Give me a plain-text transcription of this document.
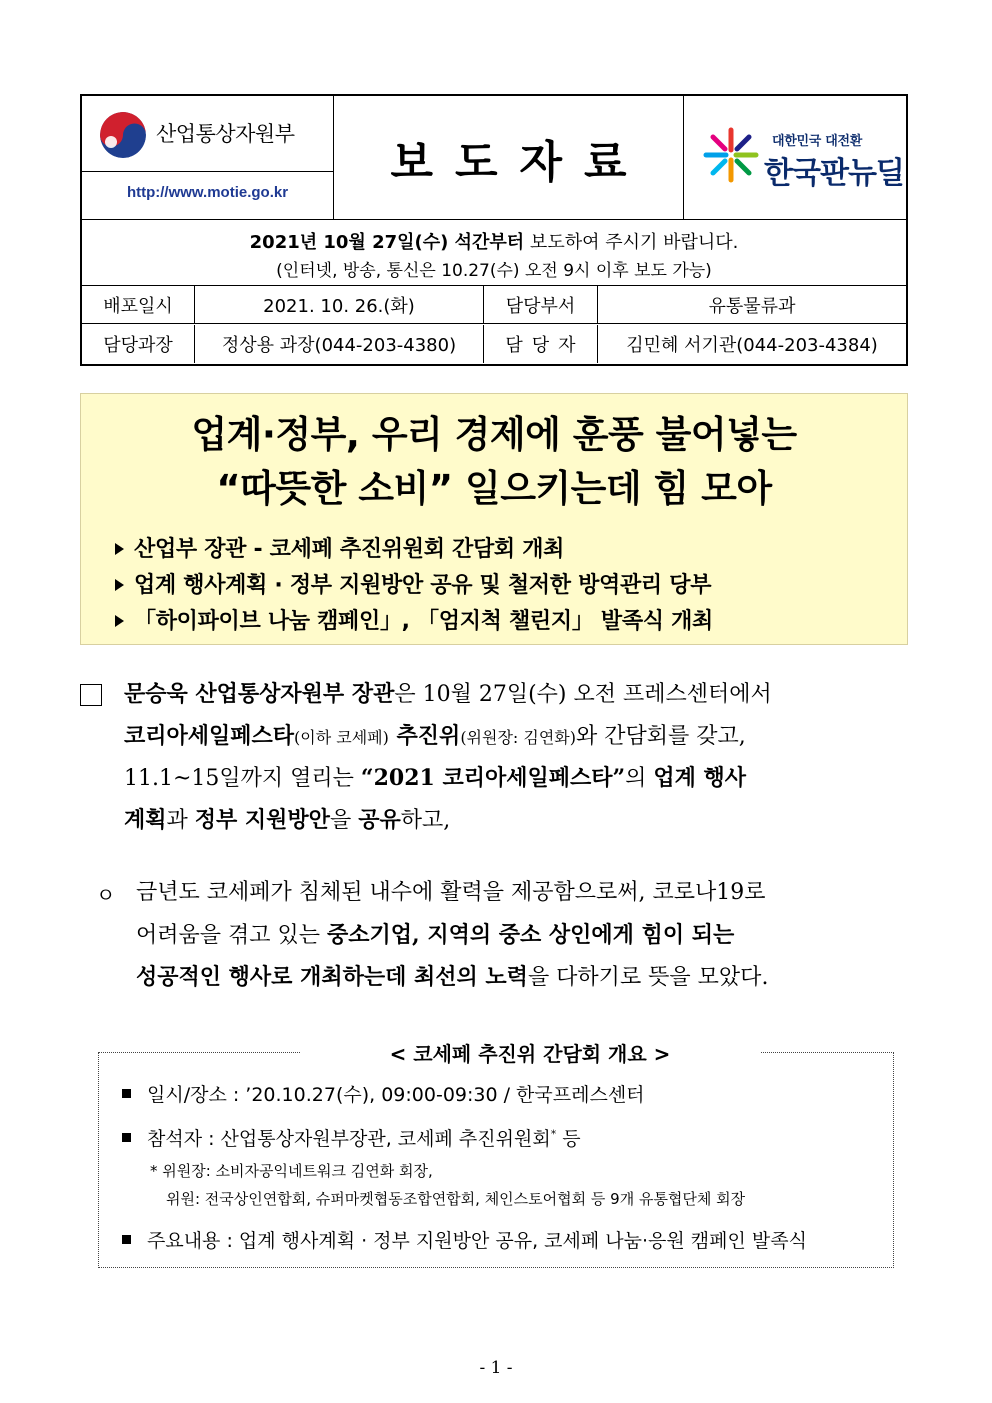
산업통상자원부
http://www.motie.go.kr
보도자료	대한민국 대전환
한국판뉴딜
2021년 10월 27일(수) 석간부터 보도하여 주시기 바랍니다.
(인터넷, 방송, 통신은 10.27(수) 오전 9시 이후 보도 가능)
배포일시	2021. 10. 26.(화)	담당부서	유통물류과
담당과장	정상용 과장(044-203-4380)	담당자	김민혜 서기관(044-203-4384)
업계·정부, 우리 경제에 훈풍 불어넣는
“따뜻한 소비” 일으키는데 힘 모아
산업부 장관 - 코세페 추진위원회 간담회 개최
업계 행사계획 · 정부 지원방안 공유 및 철저한 방역관리 당부
「하이파이브 나눔 캠페인」, 「엄지척 챌린지」 발족식 개최
문승욱 산업통상자원부 장관은 10월 27일(수) 오전 프레스센터에서
코리아세일페스타(이하 코세페) 추진위(위원장: 김연화)와 간담회를 갖고,
11.1~15일까지 열리는 “2021 코리아세일페스타”의 업계 행사
계획과 정부 지원방안을 공유하고,
ㅇ 금년도 코세페가 침체된 내수에 활력을 제공함으로써, 코로나19로
어려움을 겪고 있는 중소기업, 지역의 중소 상인에게 힘이 되는
성공적인 행사로 개최하는데 최선의 노력을 다하기로 뜻을 모았다.
< 코세페 추진위 간담회 개요 >
일시/장소 : ’20.10.27(수), 09:00-09:30 / 한국프레스센터
참석자 : 산업통상자원부장관, 코세페 추진위원회* 등
* 위원장: 소비자공익네트워크 김연화 회장,
위원: 전국상인연합회, 슈퍼마켓협동조합연합회, 체인스토어협회 등 9개 유통협단체 회장
주요내용 : 업계 행사계획 · 정부 지원방안 공유, 코세페 나눔·응원 캠페인 발족식
- 1 -
